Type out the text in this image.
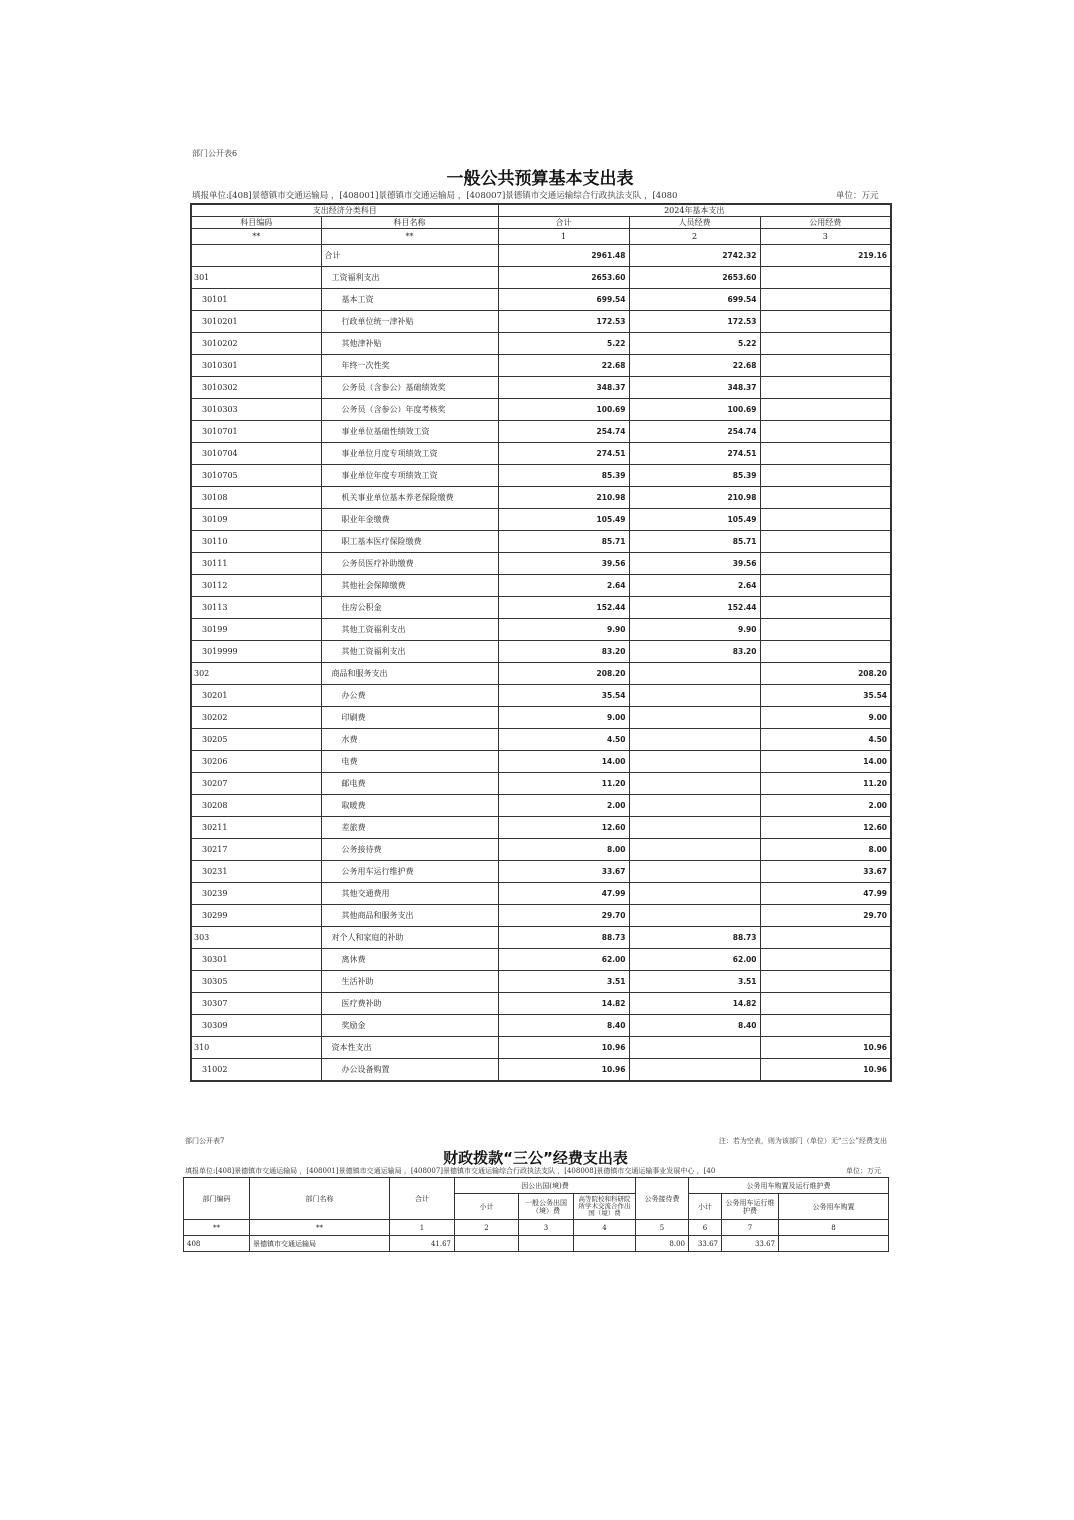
部门公开表6
一般公共预算基本支出表
填报单位:[408]景德镇市交通运输局 ，[408001]景德镇市交通运输局 ，[408007]景德镇市交通运输综合行政执法支队 ，[4080	单位：万元
支出经济分类科目		2024年基本支出		
科目编码	科目名称	合计	人员经费	公用经费
**	**	1	2	3
	合计	2961.48	2742.32	219.16
301	工资福利支出	2653.60	2653.60	
30101	基本工资	699.54	699.54	
3010201	行政单位统一津补贴	172.53	172.53	
3010202	其他津补贴	5.22	5.22	
3010301	年终一次性奖	22.68	22.68	
3010302	公务员（含参公）基础绩效奖	348.37	348.37	
3010303	公务员（含参公）年度考核奖	100.69	100.69	
3010701	事业单位基础性绩效工资	254.74	254.74	
3010704	事业单位月度专项绩效工资	274.51	274.51	
3010705	事业单位年度专项绩效工资	85.39	85.39	
30108	机关事业单位基本养老保险缴费	210.98	210.98	
30109	职业年金缴费	105.49	105.49	
30110	职工基本医疗保险缴费	85.71	85.71	
30111	公务员医疗补助缴费	39.56	39.56	
30112	其他社会保障缴费	2.64	2.64	
30113	住房公积金	152.44	152.44	
30199	其他工资福利支出	9.90	9.90	
3019999	其他工资福利支出	83.20	83.20	
302	商品和服务支出	208.20		208.20
30201	办公费	35.54		35.54
30202	印刷费	9.00		9.00
30205	水费	4.50		4.50
30206	电费	14.00		14.00
30207	邮电费	11.20		11.20
30208	取暖费	2.00		2.00
30211	差旅费	12.60		12.60
30217	公务接待费	8.00		8.00
30231	公务用车运行维护费	33.67		33.67
30239	其他交通费用	47.99		47.99
30299	其他商品和服务支出	29.70		29.70
303	对个人和家庭的补助	88.73	88.73	
30301	离休费	62.00	62.00	
30305	生活补助	3.51	3.51	
30307	医疗费补助	14.82	14.82	
30309	奖励金	8.40	8.40	
310	资本性支出	10.96		10.96
31002	办公设备购置	10.96		10.96
部门公开表7	注：若为空表，则为该部门（单位）无“三公”经费支出
财政拨款“三公”经费支出表
填报单位:[408]景德镇市交通运输局 ，[408001]景德镇市交通运输局 ，[408007]景德镇市交通运输综合行政执法支队 ，[408008]景德镇市交通运输事业发展中心 ，[40	单位：万元
部门编码	部门名称	合计	因公出国(境)费			公务接待费	公务用车购置及运行维护费		
			小计	一般公务出国（境）费	高等院校和科研院所学术交流合作出国（境）费		小计	公务用车运行维护费	公务用车购置
**	**	1	2	3	4	5	6	7	8
408	景德镇市交通运输局	41.67				8.00	33.67	33.67	
